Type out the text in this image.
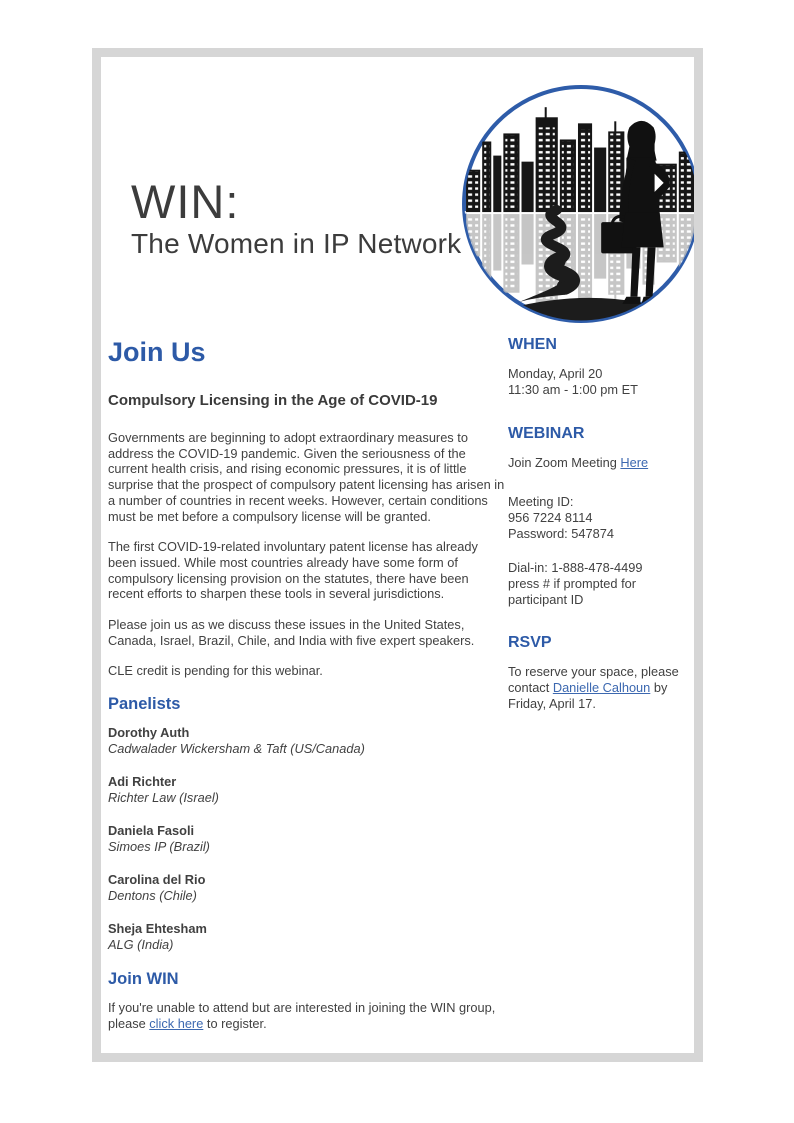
WIN:
The Women in IP Network
Join Us
Compulsory Licensing in the Age of COVID-19

Governments are beginning to adopt extraordinary measures to address the COVID-19 pandemic. Given the seriousness of the current health crisis, and rising economic pressures, it is of little surprise that the prospect of compulsory patent licensing has arisen in a number of countries in recent weeks. However, certain conditions must be met before a compulsory license will be granted.

The first COVID-19-related involuntary patent license has already been issued. While most countries already have some form of compulsory licensing provision on the statutes, there have been recent efforts to sharpen these tools in several jurisdictions.

Please join us as we discuss these issues in the United States, Canada, Israel, Brazil, Chile, and India with five expert speakers.

CLE credit is pending for this webinar.

Panelists
Dorothy Auth
Cadwalader Wickersham & Taft (US/Canada)
Adi Richter
Richter Law (Israel)
Daniela Fasoli
Simoes IP (Brazil)
Carolina del Rio
Dentons (Chile)
Sheja Ehtesham
ALG (India)
Join WIN

If you're unable to attend but are interested in joining the WIN group, please click here to register.

WHEN

Monday, April 20

11:30 am - 1:00 pm ET

WEBINAR

Join Zoom Meeting Here

Meeting ID:

956 7224 8114

Password: 547874

Dial-in: 1-888-478-4499

press # if prompted for

participant ID

RSVP

To reserve your space, please contact Danielle Calhoun by Friday, April 17.
